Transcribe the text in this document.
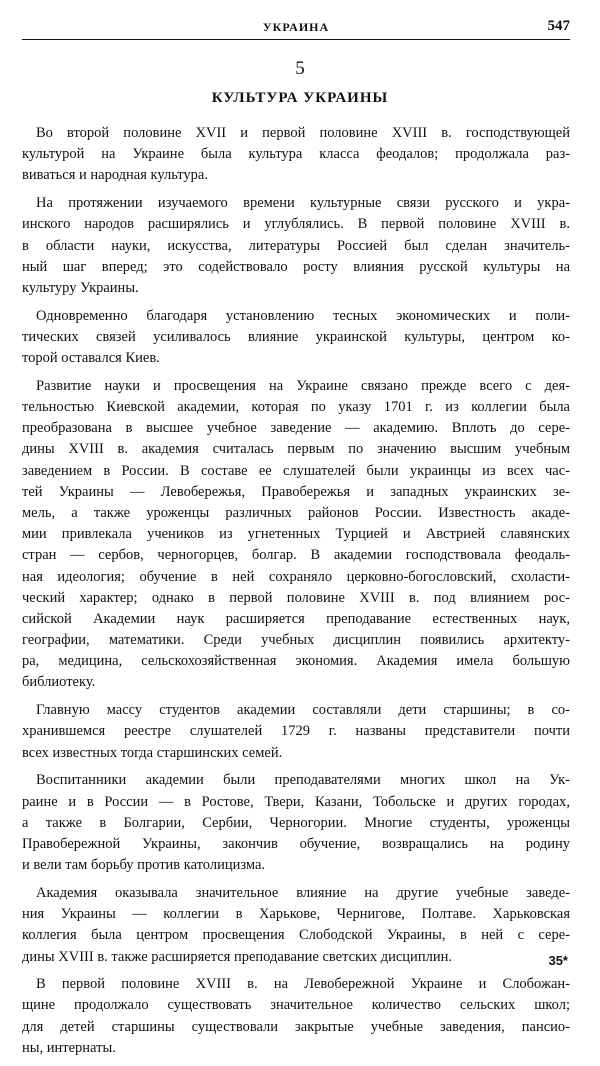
УКРАИНА	547
5
КУЛЬТУРА УКРАИНЫ

Во второй половине XVII и первой половине XVIII в. господствующей
культурой на Украине была культура класса феодалов; продолжала раз-
виваться и народная культура.

На протяжении изучаемого времени культурные связи русского и укра-
инского народов расширялись и углублялись. В первой половине XVIII в.
в области науки, искусства, литературы Россией был сделан значитель-
ный шаг вперед; это содействовало росту влияния русской культуры на
культуру Украины.

Одновременно благодаря установлению тесных экономических и поли-
тических связей усиливалось влияние украинской культуры, центром ко-
торой оставался Киев.

Развитие науки и просвещения на Украине связано прежде всего с дея-
тельностью Киевской академии, которая по указу 1701 г. из коллегии была
преобразована в высшее учебное заведение — академию. Вплоть до сере-
дины XVIII в. академия считалась первым по значению высшим учебным
заведением в России. В составе ее слушателей были украинцы из всех час-
тей Украины — Левобережья, Правобережья и западных украинских зе-
мель, а также уроженцы различных районов России. Известность акаде-
мии привлекала учеников из угнетенных Турцией и Австрией славянских
стран — сербов, черногорцев, болгар. В академии господствовала феодаль-
ная идеология; обучение в ней сохраняло церковно-богословский, схоласти-
ческий характер; однако в первой половине XVIII в. под влиянием рос-
сийской Академии наук расширяется преподавание естественных наук,
географии, математики. Среди учебных дисциплин появились архитекту-
ра, медицина, сельскохозяйственная экономия. Академия имела большую
библиотеку.

Главную массу студентов академии составляли дети старшины; в со-
хранившемся реестре слушателей 1729 г. названы представители почти
всех известных тогда старшинских семей.

Воспитанники академии были преподавателями многих школ на Ук-
раине и в России — в Ростове, Твери, Казани, Тобольске и других городах,
а также в Болгарии, Сербии, Черногории. Многие студенты, уроженцы
Правобережной Украины, закончив обучение, возвращались на родину
и вели там борьбу против католицизма.

Академия оказывала значительное влияние на другие учебные заведе-
ния Украины — коллегии в Харькове, Чернигове, Полтаве. Харьковская
коллегия была центром просвещения Слободской Украины, в ней с сере-
дины XVIII в. также расширяется преподавание светских дисциплин.

В первой половине XVIII в. на Левобережной Украине и Слобожан-
щине продолжало существовать значительное количество сельских школ;
для детей старшины существовали закрытые учебные заведения, пансио-
ны, интернаты.

35*
